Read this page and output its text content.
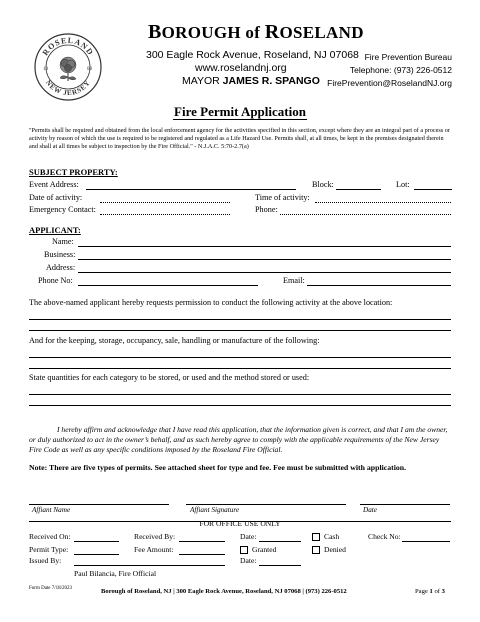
ROSELAND
NEW JERSEY
19	08
BOROUGH of ROSELAND
300 Eagle Rock Avenue, Roseland, NJ 07068
www.roselandnj.org
MAYOR JAMES R. SPANGO
Fire Prevention Bureau
Telephone: (973) 226-0512
FirePrevention@RoselandNJ.org
Fire Permit Application
"Permits shall be required and obtained from the local enforcement agency for the activities specified in this section, except where they are an integral part of a process or activity by reason of which the use is required to be registered and regulated as a Life Hazard Use. Permits shall, at all times, be kept in the premises designated therein and shall at all times be subject to inspection by the Fire Official." - N.J.A.C. 5:70-2.7(a)
SUBJECT PROPERTY:
Event Address:	Block:	Lot:
Date of activity:	Time of activity:
Emergency Contact:	Phone:
APPLICANT:
Name:
Business:
Address:
Phone No:	Email:
The above-named applicant hereby requests permission to conduct the following activity at the above location:
And for the keeping, storage, occupancy, sale, handling or manufacture of the following:
State quantities for each category to be stored, or used and the method stored or used:
I hereby affirm and acknowledge that I have read this application, that the information given is correct, and that I am the owner, or duly authorized to act in the owner’s behalf, and as such hereby agree to comply with the applicable requirements of the New Jersey Fire Code as well as any specific conditions imposed by the Roseland Fire Official.
Note: There are five types of permits. See attached sheet for type and fee. Fee must be submitted with application.
Affiant Name	Affiant Signature	Date
FOR OFFICE USE ONLY
Received On:	Received By:	Date:	Cash	Check No:
Permit Type:	Fee Amount:	Granted	Denied
Issued By:	Date:
Paul Bilancia, Fire Official
Form Date 7/18/2023	Borough of Roseland, NJ | 300 Eagle Rock Avenue, Roseland, NJ 07068 | (973) 226-0512	Page 1 of 3
